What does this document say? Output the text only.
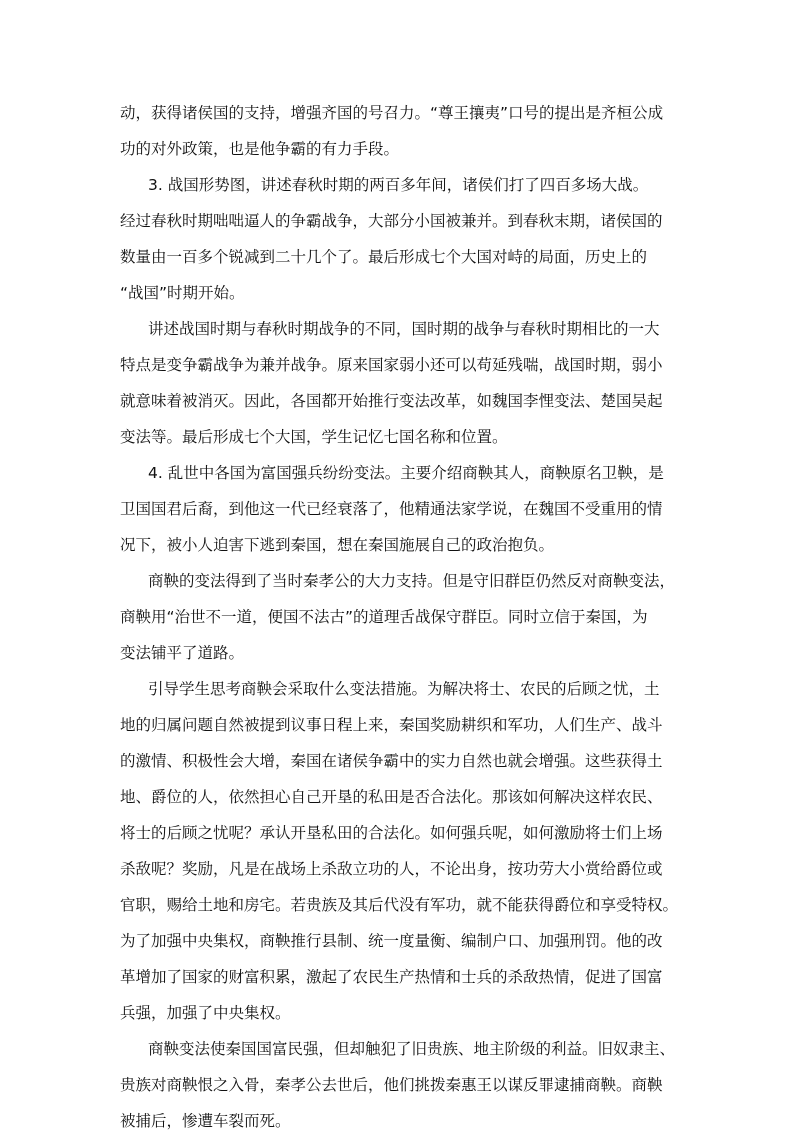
动，获得诸侯国的支持，增强齐国的号召力。“尊王攘夷”口号的提出是齐桓公成
功的对外政策，也是他争霸的有力手段。
3. 战国形势图，讲述春秋时期的两百多年间，诸侯们打了四百多场大战。
经过春秋时期咄咄逼人的争霸战争，大部分小国被兼并。到春秋末期，诸侯国的
数量由一百多个锐减到二十几个了。最后形成七个大国对峙的局面，历史上的
“战国”时期开始。
讲述战国时期与春秋时期战争的不同，国时期的战争与春秋时期相比的一大
特点是变争霸战争为兼并战争。原来国家弱小还可以苟延残喘，战国时期，弱小
就意味着被消灭。因此，各国都开始推行变法改革，如魏国李悝变法、楚国吴起
变法等。最后形成七个大国，学生记忆七国名称和位置。
4. 乱世中各国为富国强兵纷纷变法。主要介绍商鞅其人，商鞅原名卫鞅，是
卫国国君后裔，到他这一代已经衰落了，他精通法家学说，在魏国不受重用的情
况下，被小人迫害下逃到秦国，想在秦国施展自己的政治抱负。
商鞅的变法得到了当时秦孝公的大力支持。但是守旧群臣仍然反对商鞅变法，
商鞅用“治世不一道，便国不法古”的道理舌战保守群臣。同时立信于秦国，为
变法铺平了道路。
引导学生思考商鞅会采取什么变法措施。为解决将士、农民的后顾之忧，土
地的归属问题自然被提到议事日程上来，秦国奖励耕织和军功，人们生产、战斗
的激情、积极性会大增，秦国在诸侯争霸中的实力自然也就会增强。这些获得土
地、爵位的人，依然担心自己开垦的私田是否合法化。那该如何解决这样农民、
将士的后顾之忧呢？承认开垦私田的合法化。如何强兵呢，如何激励将士们上场
杀敌呢？奖励，凡是在战场上杀敌立功的人，不论出身，按功劳大小赏给爵位或
官职，赐给土地和房宅。若贵族及其后代没有军功，就不能获得爵位和享受特权。
为了加强中央集权，商鞅推行县制、统一度量衡、编制户口、加强刑罚。他的改
革增加了国家的财富积累，激起了农民生产热情和士兵的杀敌热情，促进了国富
兵强，加强了中央集权。
商鞅变法使秦国国富民强，但却触犯了旧贵族、地主阶级的利益。旧奴隶主、
贵族对商鞅恨之入骨，秦孝公去世后，他们挑拨秦惠王以谋反罪逮捕商鞅。商鞅
被捕后，惨遭车裂而死。
